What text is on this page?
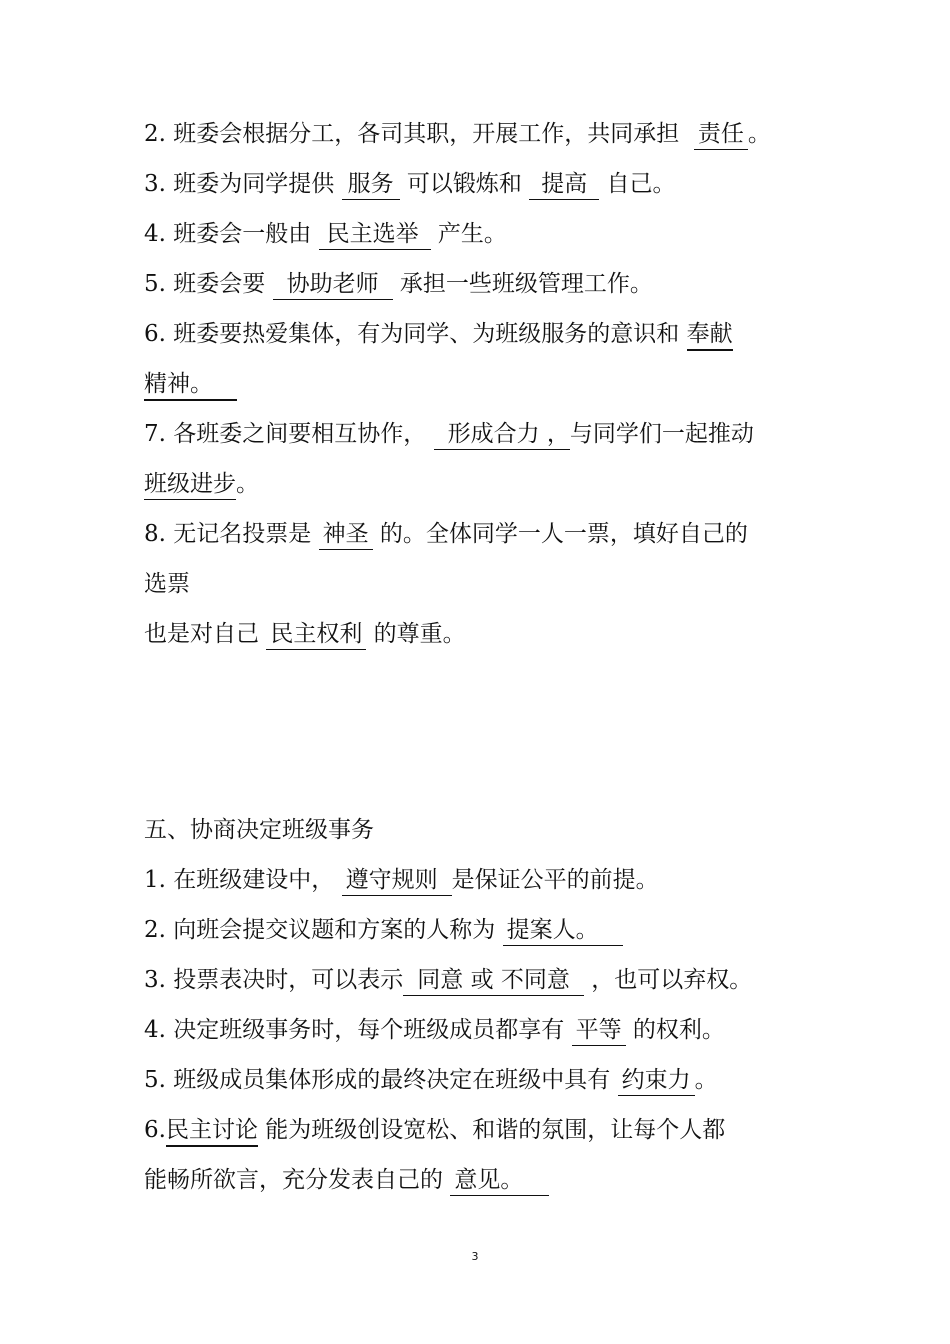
2. 班委会根据分工，各司其职，开展工作，共同承担 责任 。
3. 班委为同学提供 服务 可以锻炼和 提高 自己。
4. 班委会一般由 民主选举 产生。
5. 班委会要 协助老师 承担一些班级管理工作。
6. 班委要热爱集体，有为同学、为班级服务的意识和 奉献
精神。
7. 各班委之间要相互协作， 形成合力 ，与同学们一起推动
班级进步。
8. 无记名投票是 神圣 的。全体同学一人一票，填好自己的
选票
也是对自己 民主权利 的尊重。
五、协商决定班级事务
1. 在班级建设中， 遵守规则 是保证公平的前提。
2. 向班会提交议题和方案的人称为 提案人。
3. 投票表决时，可以表示 同意 或 不同意 ，也可以弃权。
4. 决定班级事务时，每个班级成员都享有 平等 的权利。
5. 班级成员集体形成的最终决定在班级中具有 约束力 。
6.民主讨论 能为班级创设宽松、和谐的氛围，让每个人都
能畅所欲言，充分发表自己的 意见。
3
